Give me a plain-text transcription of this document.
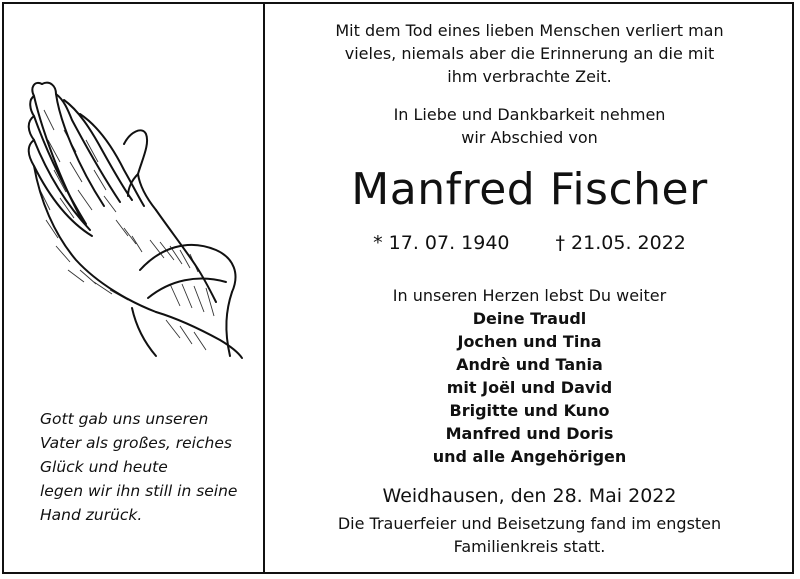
Gott gab uns unseren
Vater als großes, reiches
Glück und heute
legen wir ihn still in seine
Hand zurück.
Mit dem Tod eines lieben Menschen verliert man
vieles, niemals aber die Erinnerung an die mit
ihm verbrachte Zeit.
In Liebe und Dankbarkeit nehmen
wir Abschied von
Manfred Fischer
* 17. 07. 1940 † 21.05. 2022
In unseren Herzen lebst Du weiter
Deine Traudl
Jochen und Tina
Andrè und Tania
mit Joël und David
Brigitte und Kuno
Manfred und Doris
und alle Angehörigen
Weidhausen, den 28. Mai 2022
Die Trauerfeier und Beisetzung fand im engsten
Familienkreis statt.
